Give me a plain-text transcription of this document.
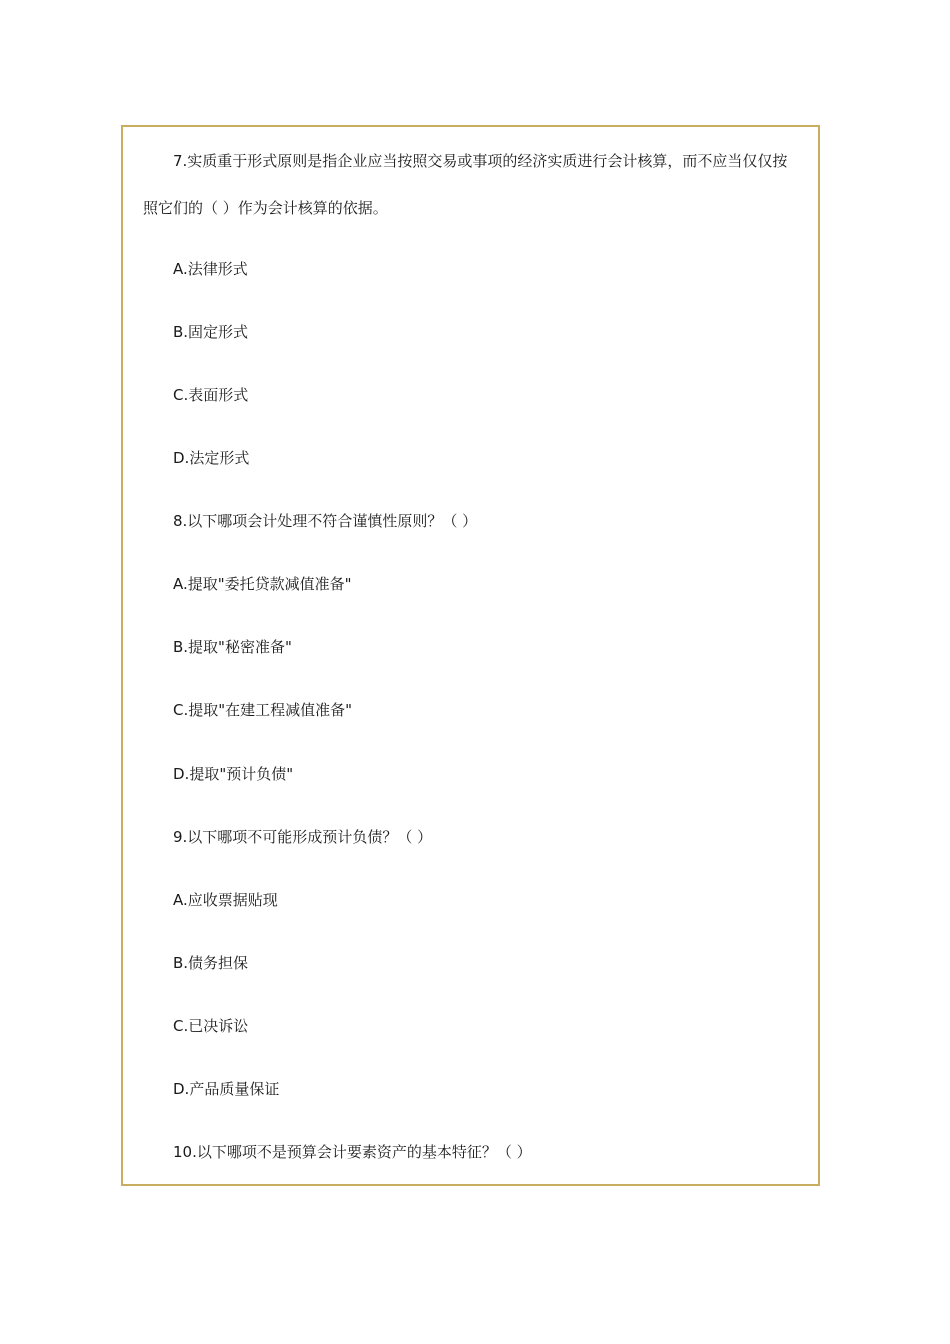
7.实质重于形式原则是指企业应当按照交易或事项的经济实质进行会计核算，而不应当仅仅按

照它们的（ ）作为会计核算的依据。

A.法律形式

B.固定形式

C.表面形式

D.法定形式

8.以下哪项会计处理不符合谨慎性原则？（ ）

A.提取"委托贷款减值准备"

B.提取"秘密准备"

C.提取"在建工程减值准备"

D.提取"预计负债"

9.以下哪项不可能形成预计负债？（ ）

A.应收票据贴现

B.债务担保

C.已决诉讼

D.产品质量保证

10.以下哪项不是预算会计要素资产的基本特征？（ ）
